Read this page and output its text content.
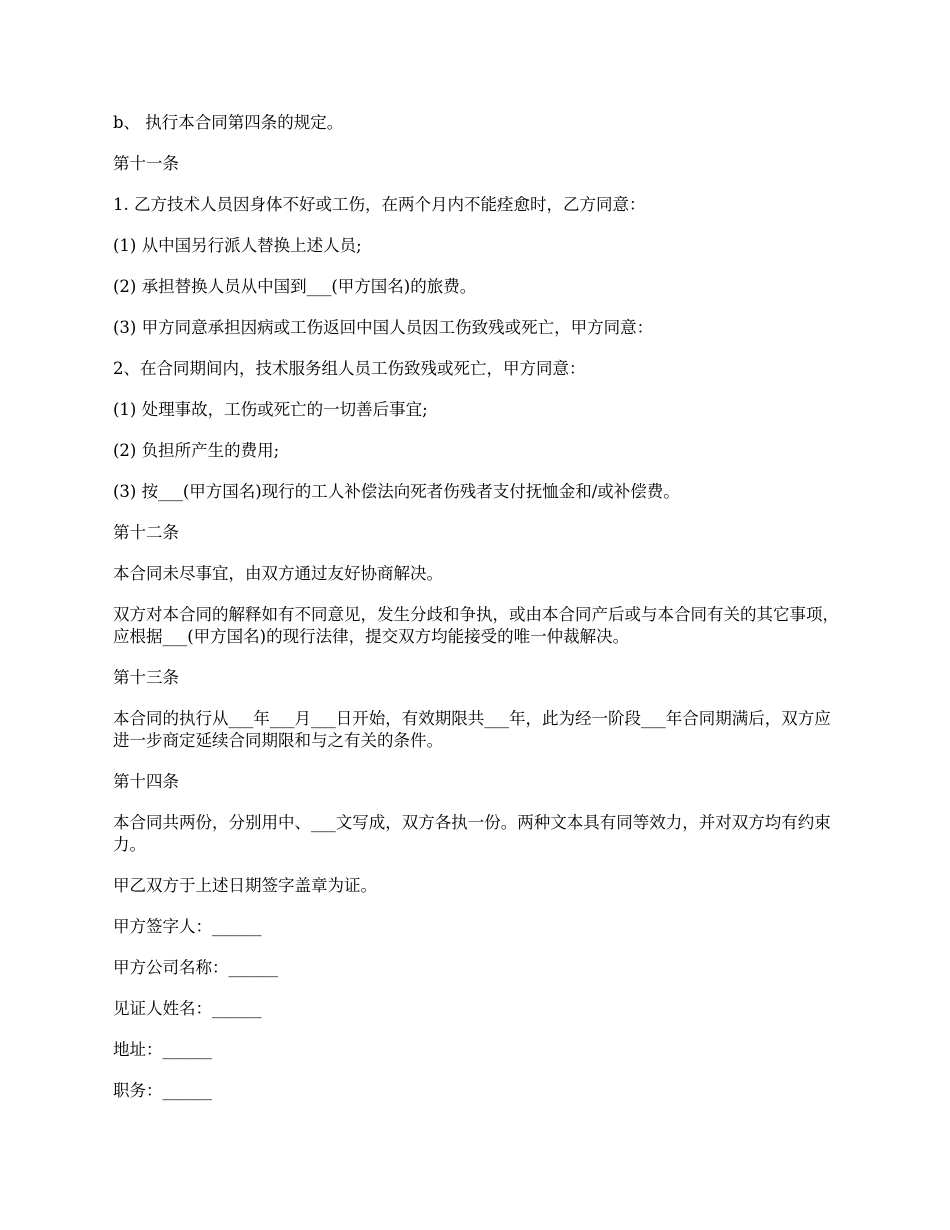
b、 执行本合同第四条的规定。

第十一条

1. 乙方技术人员因身体不好或工伤，在两个月内不能痊愈时，乙方同意：

(1) 从中国另行派人替换上述人员;

(2) 承担替换人员从中国到___(甲方国名)的旅费。

(3) 甲方同意承担因病或工伤返回中国人员因工伤致残或死亡，甲方同意：

2、在合同期间内，技术服务组人员工伤致残或死亡，甲方同意：

(1) 处理事故，工伤或死亡的一切善后事宜;

(2) 负担所产生的费用;

(3) 按___(甲方国名)现行的工人补偿法向死者伤残者支付抚恤金和/或补偿费。

第十二条

本合同未尽事宜，由双方通过友好协商解决。

双方对本合同的解释如有不同意见，发生分歧和争执，或由本合同产后或与本合同有关的其它事项，应根据___(甲方国名)的现行法律，提交双方均能接受的唯一仲裁解决。

第十三条

本合同的执行从___年___月___日开始，有效期限共___年，此为经一阶段___年合同期满后，双方应进一步商定延续合同期限和与之有关的条件。

第十四条

本合同共两份，分别用中、___文写成，双方各执一份。两种文本具有同等效力，并对双方均有约束力。

甲乙双方于上述日期签字盖章为证。

甲方签字人：______

甲方公司名称：______

见证人姓名：______

地址：______

职务：______
